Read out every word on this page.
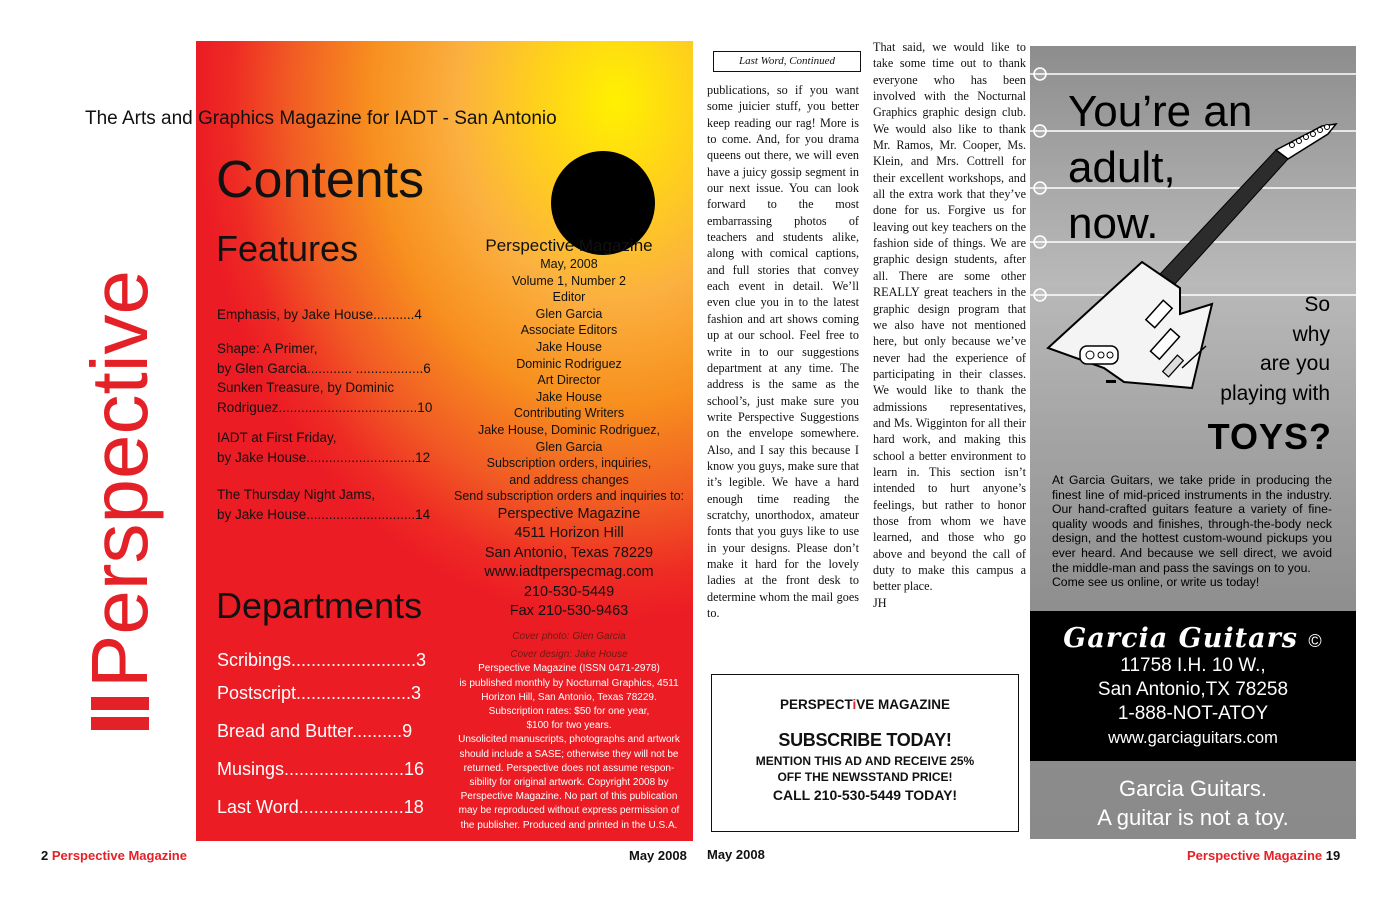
The Arts and Graphics Magazine for IADT - San Antonio
Perspective
Contents
Features
Emphasis, by Jake House...........4
Shape: A Primer,
by Glen Garcia............ ..................6
Sunken Treasure, by Dominic
Rodriguez.....................................10
IADT at First Friday,
by Jake House.............................12
The Thursday Night Jams,
by Jake House.............................14
Departments
Scribings.........................3
Postscript.......................3
Bread and Butter..........9
Musings........................16
Last Word.....................18
Perspective Magazine
May, 2008
Volume 1, Number 2
Editor
Glen Garcia
Associate Editors
Jake House
Dominic Rodriguez
Art Director
Jake House
Contributing Writers
Jake House, Dominic Rodriguez,
Glen Garcia
Subscription orders, inquiries,
and address changes
Send subscription orders and inquiries to:
Perspective Magazine
4511 Horizon Hill
San Antonio, Texas 78229
www.iadtperspecmag.com
210-530-5449
Fax 210-530-9463
Cover photo: Glen Garcia
Cover design: Jake House
Perspective Magazine (ISSN 0471-2978)
is published monthly by Nocturnal Graphics, 4511
Horizon Hill, San Antonio, Texas 78229.
Subscription rates: $50 for one year,
$100 for two years.
Unsolicited manuscripts, photographs and artwork
should include a SASE; otherwise they will not be
returned. Perspective does not assume respon-
sibility for original artwork. Copyright 2008 by
Perspective Magazine. No part of this publication
may be reproduced without express permission of
the publisher. Produced and printed in the U.S.A.
2 Perspective Magazine	May 2008
Last Word, Continued
publications, so if you want some juicier stuff, you better keep reading our rag! More is to come. And, for you drama queens out there, we will even have a juicy gossip segment in our next issue. You can look forward to the most embarrassing photos of teachers and students alike, along with comical captions, and full stories that convey each event in detail. We’ll even clue you in to the latest fashion and art shows coming up at our school. Feel free to write in to our suggestions department at any time. The address is the same as the school’s, just make sure you write Perspective Suggestions on the envelope somewhere. Also, and I say this because I know you guys, make sure that it’s legible. We have a hard enough time reading the scratchy, unorthodox, amateur fonts that you guys like to use in your designs. Please don’t make it hard for the lovely ladies at the front desk to determine whom the mail goes to.
That said, we would like to take some time out to thank everyone who has been involved with the Nocturnal Graphics graphic design club. We would also like to thank Mr. Ramos, Mr. Cooper, Ms. Klein, and Mrs. Cottrell for their excellent workshops, and all the extra work that they’ve done for us. Forgive us for leaving out key teachers on the fashion side of things. We are graphic design students, after all. There are some other REALLY great teachers in the graphic design program that we also have not mentioned here, but only because we’ve never had the experience of participating in their classes. We would like to thank the admissions representatives, and Ms. Wigginton for all their hard work, and making this school a better environment to learn in. This section isn’t intended to hurt anyone’s feelings, but rather to honor those from whom we have learned, and those who go above and beyond the call of duty to make this campus a better place.
JH
PERSPECTiVE MAGAZINE
SUBSCRIBE TODAY!
MENTION THIS AD AND RECEIVE 25%
OFF THE NEWSSTAND PRICE!
CALL 210-530-5449 TODAY!
You’re an
adult,
now.
So
why
are you
playing with
TOYS?
At Garcia Guitars, we take pride in producing the finest line of mid-priced instruments in the industry. Our hand-crafted guitars feature a variety of fine-quality woods and finishes, through-the-body neck design, and the hottest custom-wound pickups you ever heard. And because we sell direct, we avoid the middle-man and pass the savings on to you.
Come see us online, or write us today!
Garcia Guitars ©
11758 I.H. 10 W.,
San Antonio,TX 78258
1-888-NOT-ATOY
www.garciaguitars.com
Garcia Guitars.
A guitar is not a toy.
May 2008	Perspective Magazine 19
